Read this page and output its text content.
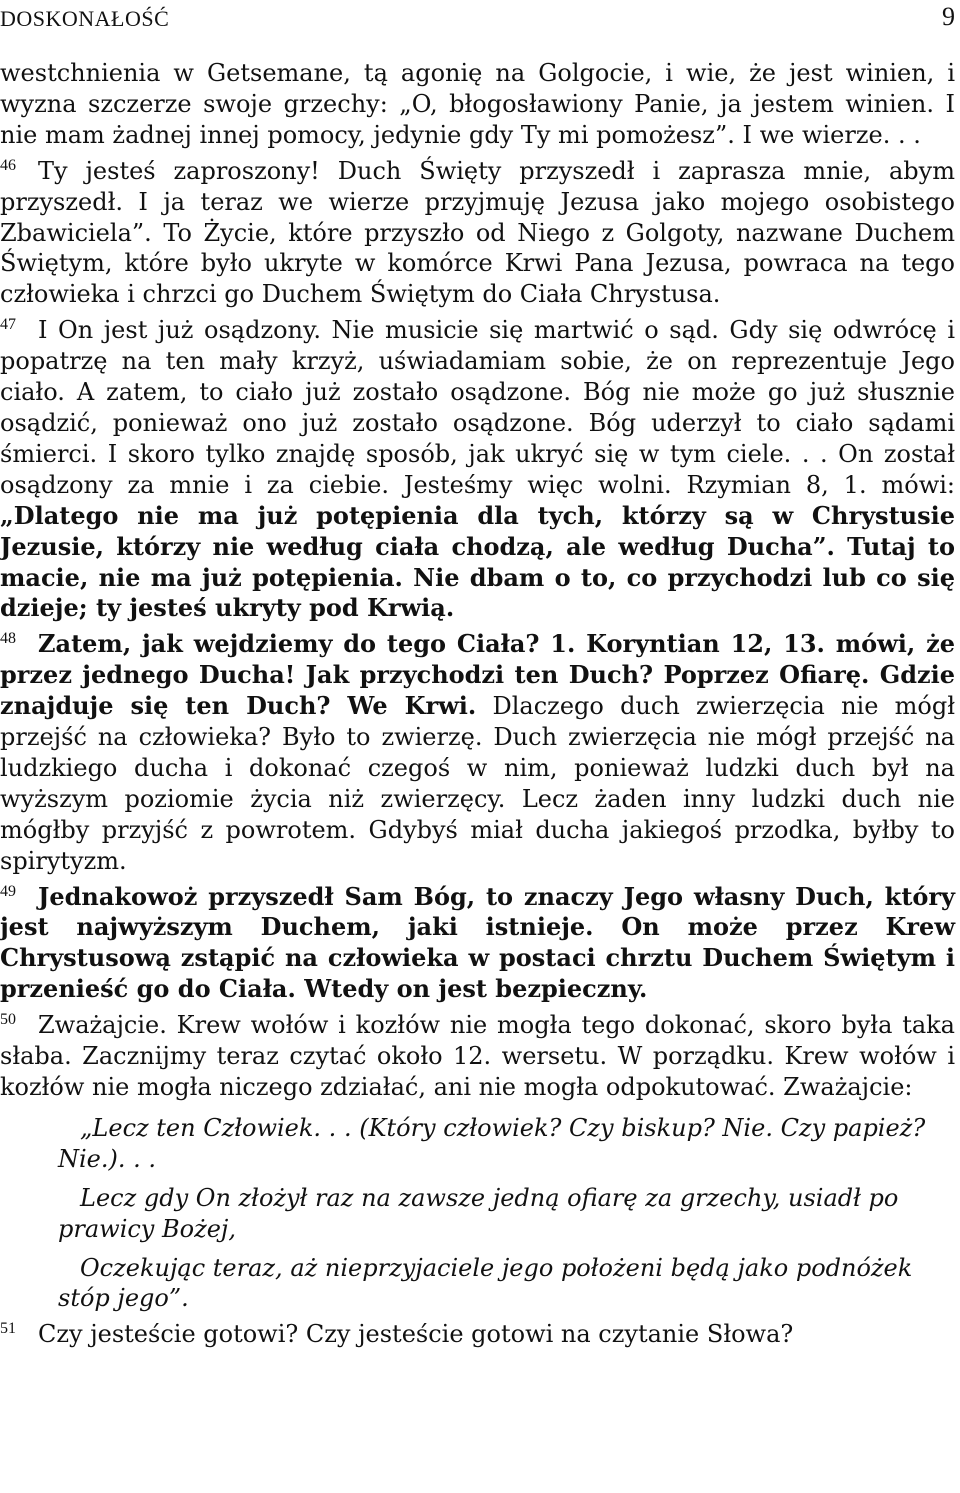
DOSKONAŁOŚĆ	9

westchnienia w Getsemane, tą agonię na Golgocie, i wie, że jest winien, i wyzna szczerze swoje grzechy: „O, błogosławiony Panie, ja jestem winien. I nie mam żadnej innej pomocy, jedynie gdy Ty mi pomożesz”. I we wierze. . .

$^{46}$ Ty jesteś zaproszony! Duch Święty przyszedł i zaprasza mnie, abym przyszedł. I ja teraz we wierze przyjmuję Jezusa jako mojego osobistego Zbawiciela”. To Życie, które przyszło od Niego z Golgoty, nazwane Duchem Świętym, które było ukryte w komórce Krwi Pana Jezusa, powraca na tego człowieka i chrzci go Duchem Świętym do Ciała Chrystusa.

$^{47}$ I On jest już osądzony. Nie musicie się martwić o sąd. Gdy się odwrócę i popatrzę na ten mały krzyż, uświadamiam sobie, że on reprezentuje Jego ciało. A zatem, to ciało już zostało osądzone. Bóg nie może go już słusznie osądzić, ponieważ ono już zostało osądzone. Bóg uderzył to ciało sądami śmierci. I skoro tylko znajdę sposób, jak ukryć się w tym ciele. . . On został osądzony za mnie i za ciebie. Jesteśmy więc wolni. Rzymian 8, 1. mówi: „Dlatego nie ma już potępienia dla tych, którzy są w Chrystusie Jezusie, którzy nie według ciała chodzą, ale według Ducha”. Tutaj to macie, nie ma już potępienia. Nie dbam o to, co przychodzi lub co się dzieje; ty jesteś ukryty pod Krwią.

$^{48}$ Zatem, jak wejdziemy do tego Ciała? 1. Koryntian 12, 13. mówi, że przez jednego Ducha! Jak przychodzi ten Duch? Poprzez Ofiarę. Gdzie znajduje się ten Duch? We Krwi. Dlaczego duch zwierzęcia nie mógł przejść na człowieka? Było to zwierzę. Duch zwierzęcia nie mógł przejść na ludzkiego ducha i dokonać czegoś w nim, ponieważ ludzki duch był na wyższym poziomie życia niż zwierzęcy. Lecz żaden inny ludzki duch nie mógłby przyjść z powrotem. Gdybyś miał ducha jakiegoś przodka, byłby to spirytyzm.

$^{49}$ Jednakowoż przyszedł Sam Bóg, to znaczy Jego własny Duch, który jest najwyższym Duchem, jaki istnieje. On może przez Krew Chrystusową zstąpić na człowieka w postaci chrztu Duchem Świętym i przenieść go do Ciała. Wtedy on jest bezpieczny.

$^{50}$ Zważajcie. Krew wołów i kozłów nie mogła tego dokonać, skoro była taka słaba. Zacznijmy teraz czytać około 12. wersetu. W porządku. Krew wołów i kozłów nie mogła niczego zdziałać, ani nie mogła odpokutować. Zważajcie:

„Lecz ten Człowiek. . . (Który człowiek? Czy biskup? Nie. Czy papież? Nie.). . .

Lecz gdy On złożył raz na zawsze jedną ofiarę za grzechy, usiadł po prawicy Bożej,

Oczekując teraz, aż nieprzyjaciele jego położeni będą jako podnóżek stóp jego”.

$^{51}$ Czy jesteście gotowi? Czy jesteście gotowi na czytanie Słowa?
